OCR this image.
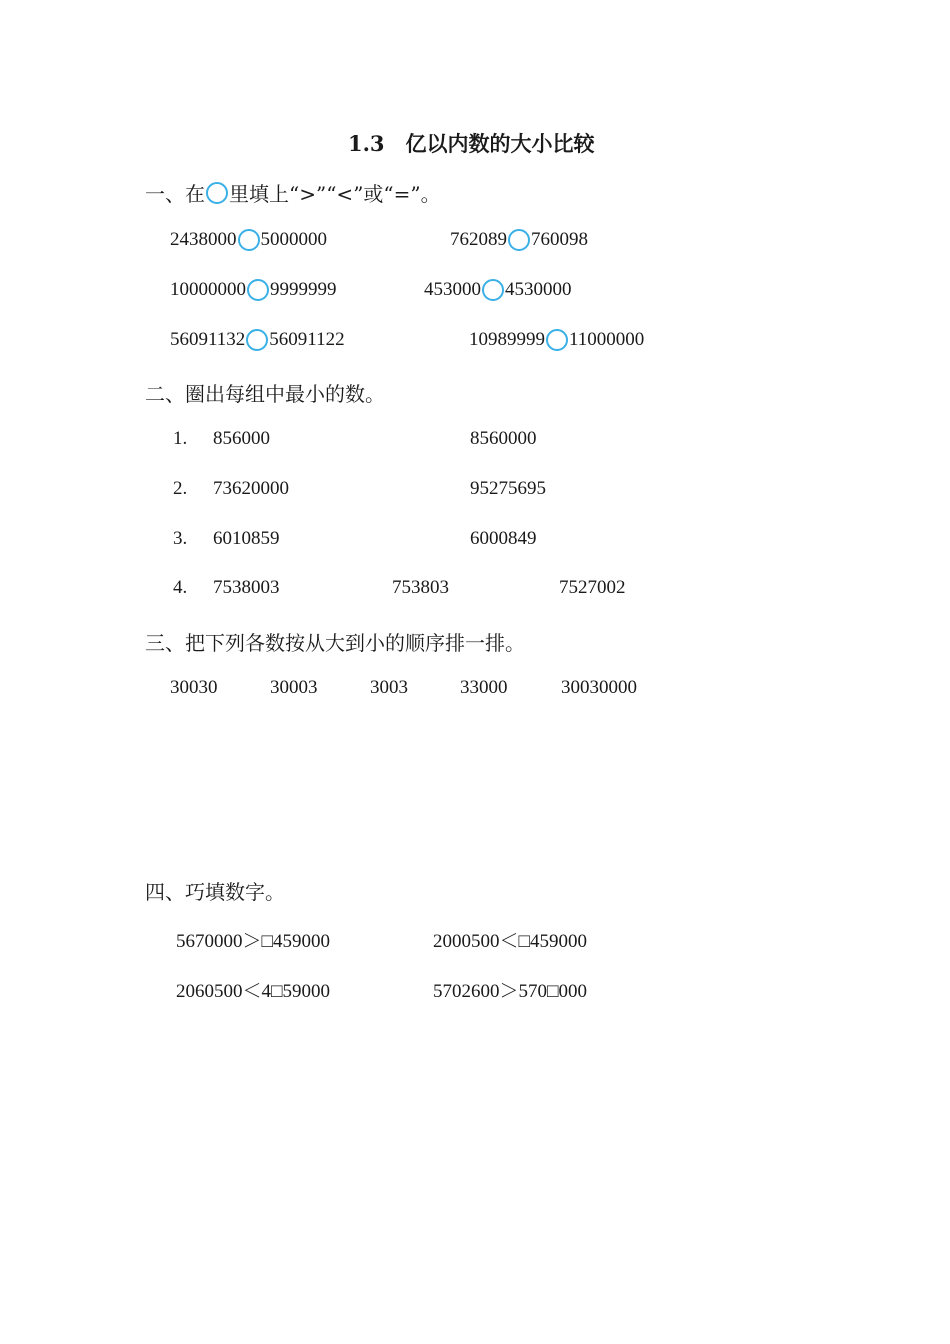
1.3　亿以内数的大小比较
一、在 里填上“>”“<”或“=”。
2438000 5000000	762089 760098
10000000 9999999	453000 4530000
56091132 56091122	10989999 11000000
二、圈出每组中最小的数。
1. 856000	8560000
2. 73620000	95275695
3. 6010859	6000849
4. 7538003	753803	7527002
三、把下列各数按从大到小的顺序排一排。
30030	30003	3003	33000	30030000
四、巧填数字。
5670000＞□459000	2000500＜□459000
2060500＜4□59000	5702600＞570□000
